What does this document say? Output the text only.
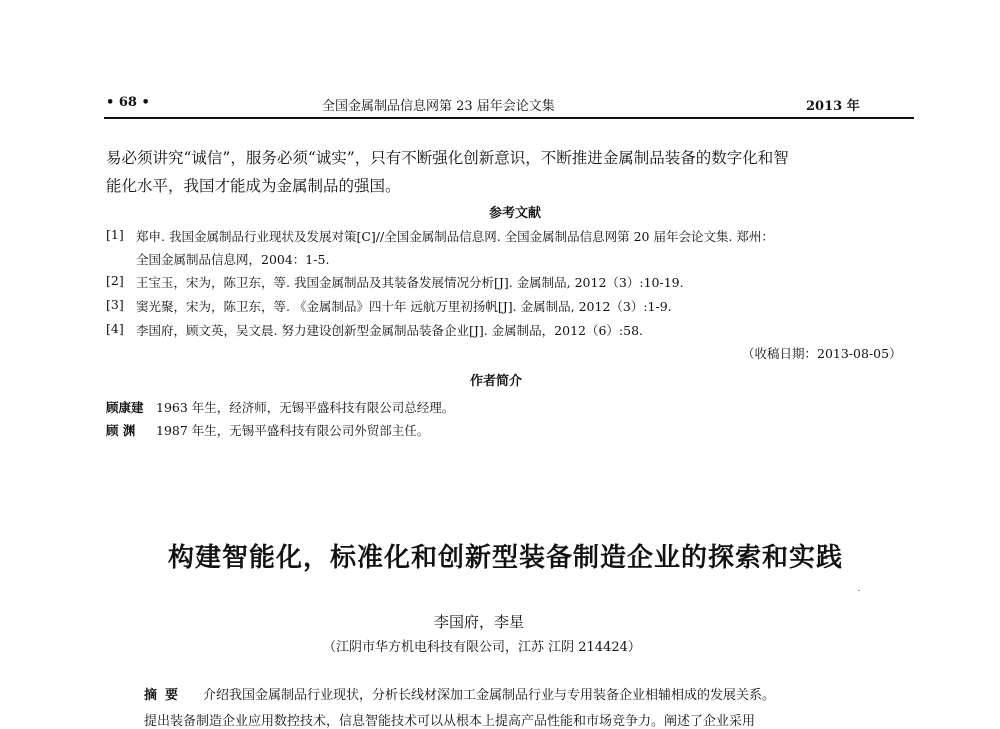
• 68 •	全国金属制品信息网第 23 届年会论文集	2013 年
易必须讲究“诚信”，服务必须“诚实”，只有不断强化创新意识，不断推进金属制品装备的数字化和智
能化水平，我国才能成为金属制品的强国。
参考文献
[1] 郑申. 我国金属制品行业现状及发展对策[C]//全国金属制品信息网. 全国金属制品信息网第 20 届年会论文集. 郑州：
全国金属制品信息网，2004：1-5.
[2] 王宝玉，宋为，陈卫东，等. 我国金属制品及其装备发展情况分析[J]. 金属制品, 2012（3）:10-19.
[3] 窦光聚，宋为，陈卫东，等. 《金属制品》四十年 远航万里初扬帆[J]. 金属制品, 2012（3）:1-9.
[4] 李国府，顾文英，吴文晨. 努力建设创新型金属制品装备企业[J]. 金属制品，2012（6）:58.
（收稿日期：2013-08-05）
作者简介
顾康建 1963 年生，经济师，无锡平盛科技有限公司总经理。
顾 渊 1987 年生，无锡平盛科技有限公司外贸部主任。
构建智能化，标准化和创新型装备制造企业的探索和实践
李国府，李星
（江阴市华方机电科技有限公司，江苏 江阴 214424）
摘要 介绍我国金属制品行业现状，分析长线材深加工金属制品行业与专用装备企业相辅相成的发展关系。
提出装备制造企业应用数控技术，信息智能技术可以从根本上提高产品性能和市场竞争力。阐述了企业采用
